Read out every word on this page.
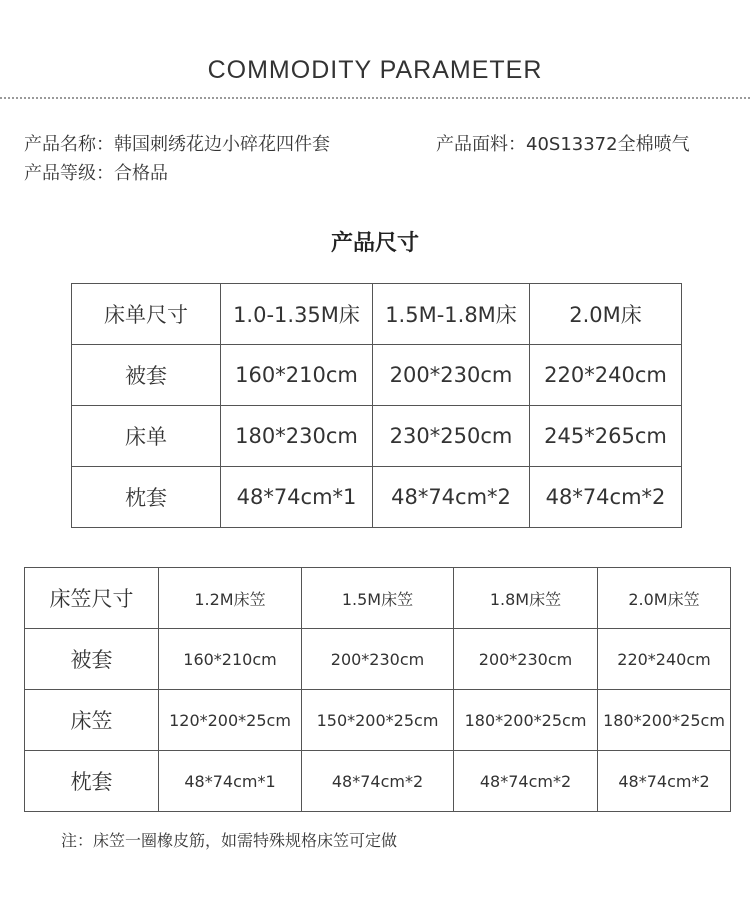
COMMODITY PARAMETER
产品名称：韩国刺绣花边小碎花四件套	产品面料：40S13372全棉喷气
产品等级：合格品
产品尺寸
床单尺寸	1.0-1.35M床	1.5M-1.8M床	2.0M床
被套	160*210cm	200*230cm	220*240cm
床单	180*230cm	230*250cm	245*265cm
枕套	48*74cm*1	48*74cm*2	48*74cm*2
床笠尺寸	1.2M床笠	1.5M床笠	1.8M床笠	2.0M床笠
被套	160*210cm	200*230cm	200*230cm	220*240cm
床笠	120*200*25cm	150*200*25cm	180*200*25cm	180*200*25cm
枕套	48*74cm*1	48*74cm*2	48*74cm*2	48*74cm*2
注：床笠一圈橡皮筋，如需特殊规格床笠可定做
